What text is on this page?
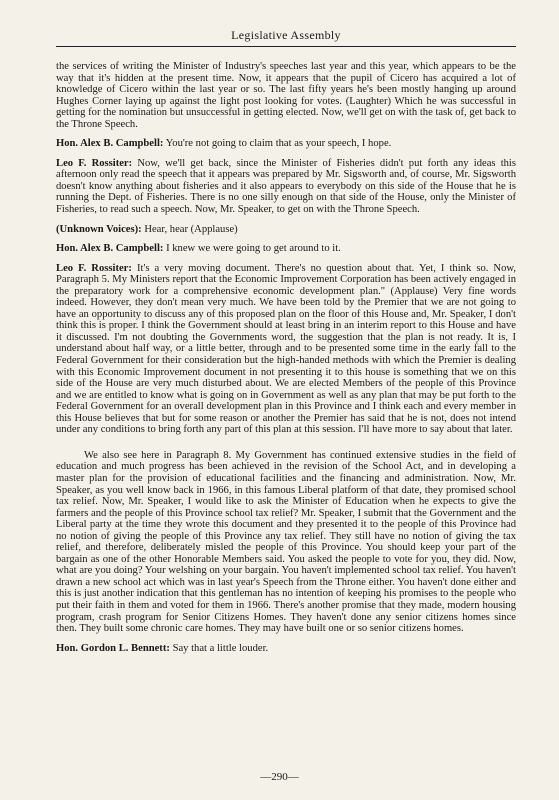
Legislative Assembly

the services of writing the Minister of Industry's speeches last year and this year, which appears to be the way that it's hidden at the present time. Now, it appears that the pupil of Cicero has acquired a lot of knowledge of Cicero within the last year or so. The last fifty years he's been mostly hanging up around Hughes Corner laying up against the light post looking for votes. (Laughter) Which he was successful in getting for the nomination but unsuccessful in getting elected. Now, we'll get on with the task of, get back to the Throne Speech.

Hon. Alex B. Campbell: You're not going to claim that as your speech, I hope.

Leo F. Rossiter: Now, we'll get back, since the Minister of Fisheries didn't put forth any ideas this afternoon only read the speech that it appears was prepared by Mr. Sigsworth and, of course, Mr. Sigsworth doesn't know anything about fisheries and it also appears to everybody on this side of the House that he is running the Dept. of Fisheries. There is no one silly enough on that side of the House, only the Minister of Fisheries, to read such a speech. Now, Mr. Speaker, to get on with the Throne Speech.

(Unknown Voices): Hear, hear (Applause)

Hon. Alex B. Campbell: I knew we were going to get around to it.

Leo F. Rossiter: It's a very moving document. There's no question about that. Yet, I think so. Now, Paragraph 5. My Ministers report that the Economic Improvement Corporation has been actively engaged in the preparatory work for a comprehensive economic development plan." (Applause) Very fine words indeed. However, they don't mean very much. We have been told by the Premier that we are not going to have an opportunity to discuss any of this proposed plan on the floor of this House and, Mr. Speaker, I don't think this is proper. I think the Government should at least bring in an interim report to this House and have it discussed. I'm not doubting the Governments word, the suggestion that the plan is not ready. It is, I understand about half way, or a little better, through and to be presented some time in the early fall to the Federal Government for their consideration but the high-handed methods with which the Premier is dealing with this Economic Improvement document in not presenting it to this house is something that we on this side of the House are very much disturbed about. We are elected Members of the people of this Province and we are entitled to know what is going on in Government as well as any plan that may be put forth to the Federal Government for an overall development plan in this Province and I think each and every member in this House believes that but for some reason or another the Premier has said that he is not, does not intend under any conditions to bring forth any part of this plan at this session. I'll have more to say about that later.

We also see here in Paragraph 8. My Government has continued extensive studies in the field of education and much progress has been achieved in the revision of the School Act, and in developing a master plan for the provision of educational facilities and the financing and administration. Now, Mr. Speaker, as you well know back in 1966, in this famous Liberal platform of that date, they promised school tax relief. Now, Mr. Speaker, I would like to ask the Minister of Education when he expects to give the farmers and the people of this Province school tax relief? Mr. Speaker, I submit that the Government and the Liberal party at the time they wrote this document and they presented it to the people of this Province had no notion of giving the people of this Province any tax relief. They still have no notion of giving the tax relief, and therefore, deliberately misled the people of this Province. You should keep your part of the bargain as one of the other Honorable Members said. You asked the people to vote for you, they did. Now, what are you doing? Your welshing on your bargain. You haven't implemented school tax relief. You haven't drawn a new school act which was in last year's Speech from the Throne either. You haven't done either and this is just another indication that this gentleman has no intention of keeping his promises to the people who put their faith in them and voted for them in 1966. There's another promise that they made, modern housing program, crash program for Senior Citizens Homes. They haven't done any senior citizens homes since then. They built some chronic care homes. They may have built one or so senior citizens homes.

Hon. Gordon L. Bennett: Say that a little louder.

—290—
